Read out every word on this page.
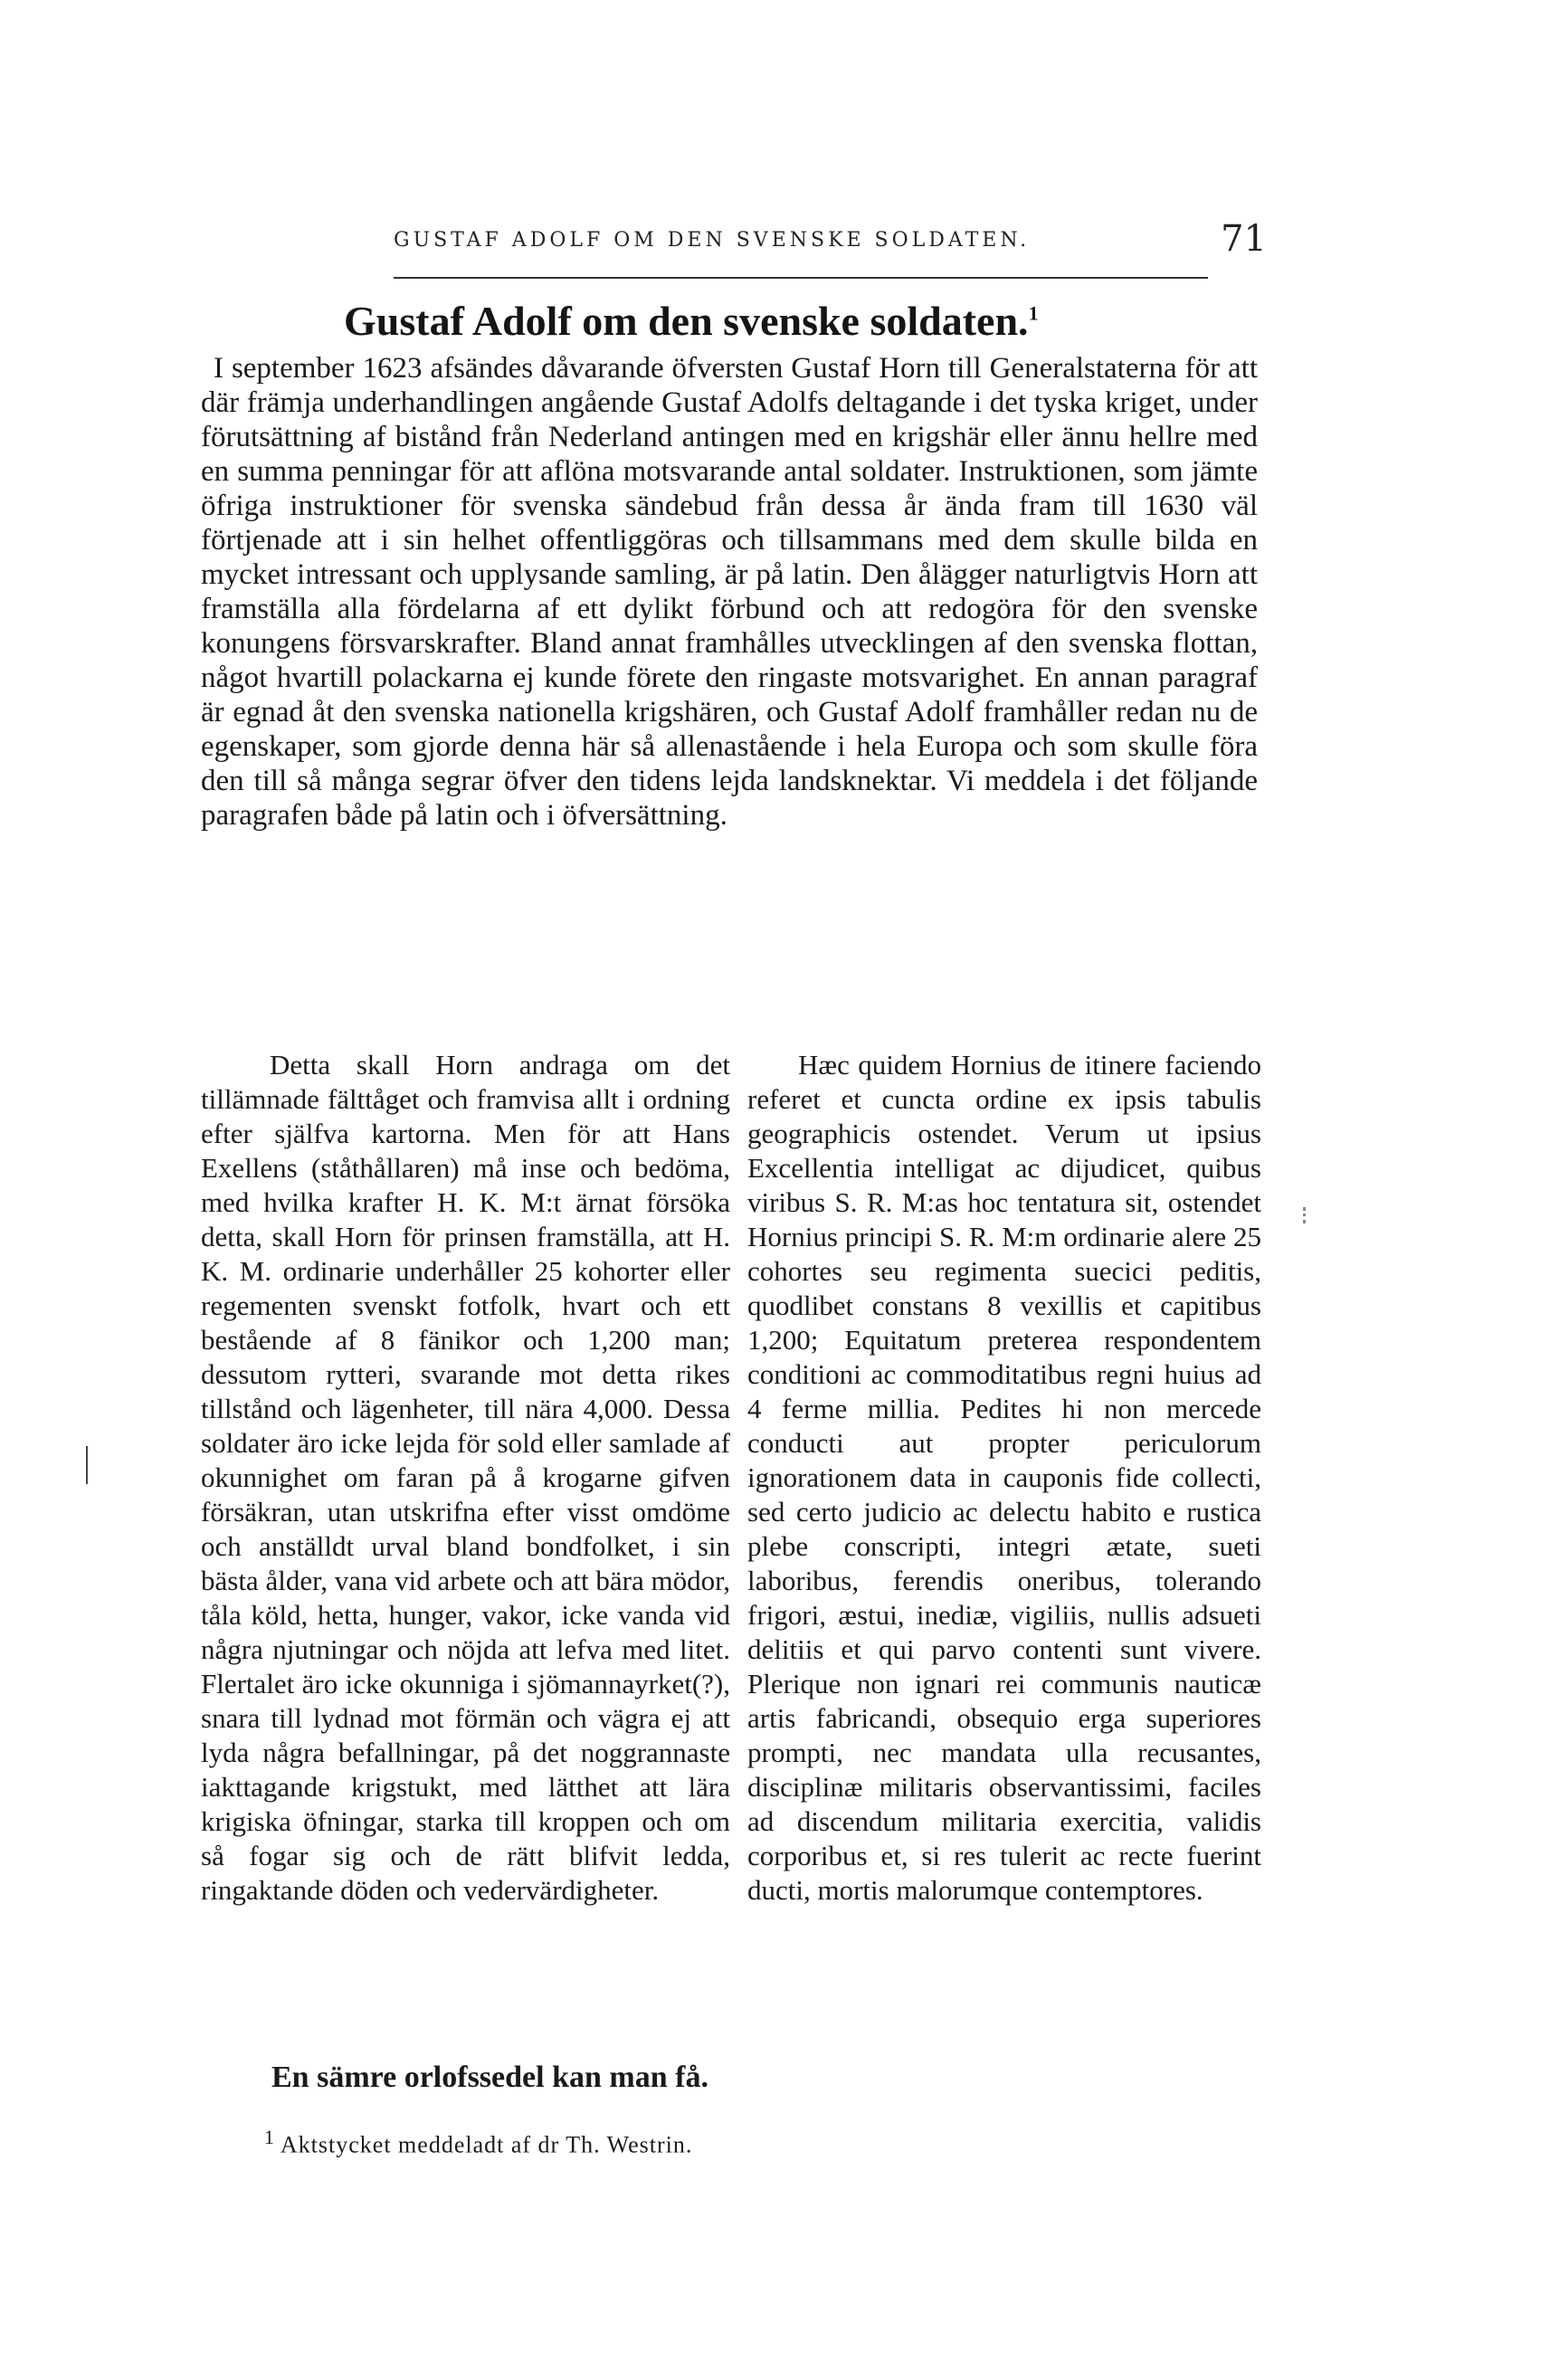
GUSTAF ADOLF OM DEN SVENSKE SOLDATEN.	71
Gustaf Adolf om den svenske soldaten.$^1$

I september 1623 afsändes dåvarande öfversten Gustaf Horn till Generalstaterna för att där främja underhandlingen angående Gustaf Adolfs deltagande i det tyska kriget, under förutsättning af bistånd från Nederland antingen med en krigshär eller ännu hellre med en summa penningar för att aflöna motsvarande antal soldater. Instruktionen, som jämte öfriga instruktioner för svenska sändebud från dessa år ända fram till 1630 väl förtjenade att i sin helhet offentliggöras och tillsammans med dem skulle bilda en mycket intressant och upplysande samling, är på latin. Den ålägger naturligtvis Horn att framställa alla fördelarna af ett dylikt förbund och att redogöra för den svenske konungens försvarskrafter. Bland annat framhålles utvecklingen af den svenska flottan, något hvartill polackarna ej kunde förete den ringaste motsvarighet. En annan paragraf är egnad åt den svenska nationella krigshären, och Gustaf Adolf framhåller redan nu de egenskaper, som gjorde denna här så allenastående i hela Europa och som skulle föra den till så många segrar öfver den tidens lejda landsknektar. Vi meddela i det följande paragrafen både på latin och i öfversättning.

Detta skall Horn andraga om det tillämnade fälttåget och framvisa allt i ordning efter själfva kartorna. Men för att Hans Exellens (ståthållaren) må inse och bedöma, med hvilka krafter H. K. M:t ärnat försöka detta, skall Horn för prinsen framställa, att H. K. M. ordinarie underhåller 25 kohorter eller regementen svenskt fotfolk, hvart och ett bestående af 8 fänikor och 1,200 man; dessutom rytteri, svarande mot detta rikes tillstånd och lägenheter, till nära 4,000. Dessa soldater äro icke lejda för sold eller samlade af okunnighet om faran på å krogarne gifven försäkran, utan utskrifna efter visst omdöme och anställdt urval bland bondfolket, i sin bästa ålder, vana vid arbete och att bära mödor, tåla köld, hetta, hunger, vakor, icke vanda vid några njutningar och nöjda att lefva med litet. Flertalet äro icke okunniga i sjömannayrket(?), snara till lydnad mot förmän och vägra ej att lyda några befallningar, på det noggrannaste iakttagande krigstukt, med lätthet att lära krigiska öfningar, starka till kroppen och om så fogar sig och de rätt blifvit ledda, ringaktande döden och vedervärdigheter.

Hæc quidem Hornius de itinere faciendo referet et cuncta ordine ex ipsis tabulis geographicis ostendet. Verum ut ipsius Excellentia intelligat ac dijudicet, quibus viribus S. R. M:as hoc tentatura sit, ostendet Hornius principi S. R. M:m ordinarie alere 25 cohortes seu regimenta suecici peditis, quodlibet constans 8 vexillis et capitibus 1,200; Equitatum preterea respondentem conditioni ac commoditatibus regni huius ad 4 ferme millia. Pedites hi non mercede conducti aut propter periculorum ignorationem data in cauponis fide collecti, sed certo judicio ac delectu habito e rustica plebe conscripti, integri ætate, sueti laboribus, ferendis oneribus, tolerando frigori, æstui, inediæ, vigiliis, nullis adsueti delitiis et qui parvo contenti sunt vivere. Plerique non ignari rei communis nauticæ artis fabricandi, obsequio erga superiores prompti, nec mandata ulla recusantes, disciplinæ militaris observantissimi, faciles ad discendum militaria exercitia, validis corporibus et, si res tulerit ac recte fuerint ducti, mortis malorumque contemptores.

En sämre orlofssedel kan man få.
$^1$ Aktstycket meddeladt af dr Th. Westrin.
